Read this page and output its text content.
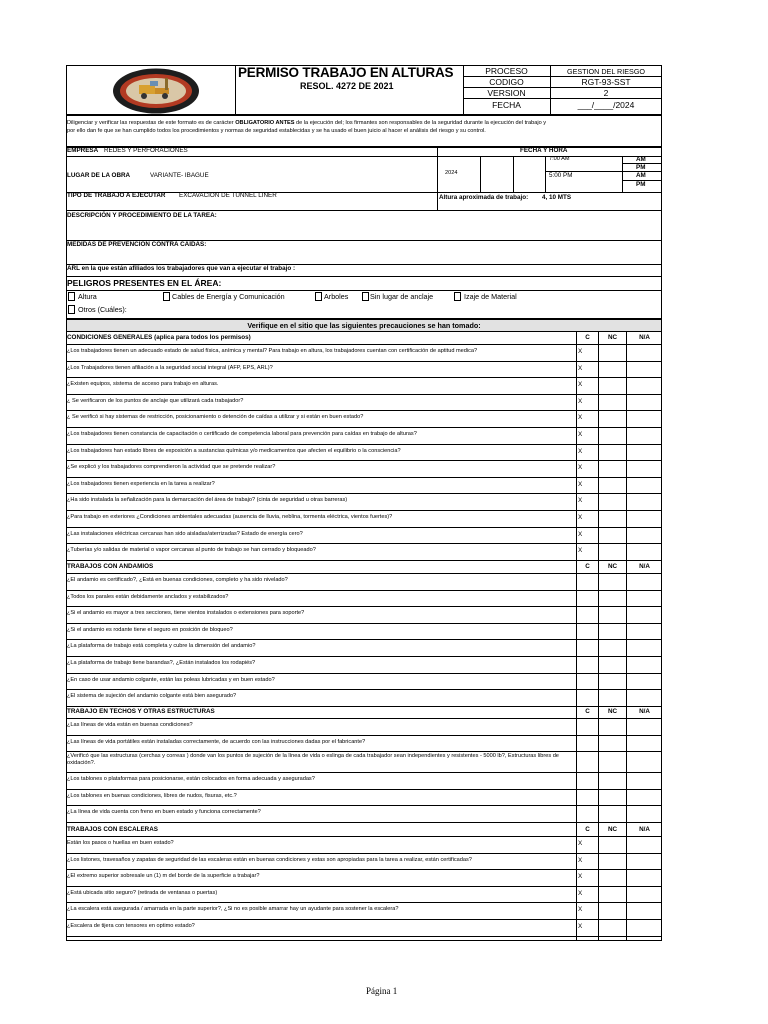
PERMISO TRABAJO EN ALTURAS
RESOL. 4272 DE 2021
PROCESO	GESTION DEL RIESGO
CODIGO	RGT-93-SST
VERSION	2
FECHA	___/____/2024
Diligenciar y verificar las respuestas de este formato es de carácter OBLIGATORIO ANTES de la ejecución del; los firmantes son responsables de la seguridad durante la ejecución del trabajo y
por ello dan fe que se han cumplido todos los procedimientos y normas de seguridad establecidas y se ha usado el buen juicio al hacer el análisis del riesgo y su control.
EMPRESA REDES Y PERFORACIONES	FECHA Y HORA
7:00 AM	AM
PM
5:00 PM	AM
PM
2024
LUGAR DE LA OBRA	VARIANTE- IBAGUE
TIPO DE TRABAJO A EJECUTAR EXCAVACION DE TUNNEL LINER	Altura aproximada de trabajo: 4, 10 MTS
DESCRIPCIÓN Y PROCEDIMIENTO DE LA TAREA:
MEDIDAS DE PREVENCION CONTRA CAIDAS:
ARL en la que están afiliados los trabajadores que van a ejecutar el trabajo :
PELIGROS PRESENTES EN EL ÁREA:
Altura	Cables de Energía y Comunicación	Arboles	Sin lugar de anclaje	Izaje de Material
Otros (Cuáles):
Verifique en el sitio que las siguientes precauciones se han tomado:
CONDICIONES GENERALES (aplica para todos los permisos)	C	NC	N/A
¿Los trabajadores tienen un adecuado estado de salud física, anímica y mental? Para trabajo en altura, los trabajadores cuentan con certificación de aptitud medica?	X
¿Los Trabajadores tienen afiliación a la seguridad social integral (AFP, EPS, ARL)?	X
¿Existen equipos, sistema de acceso para trabajo en alturas.	X
¿ Se verificaron de los puntos de anclaje que utilizará cada trabajador?	X
¿ Se verificó si hay sistemas de restricción, posicionamiento o detención de caídas a utilizar y si están en buen estado?	X
¿Los trabajadores tienen constancia de capacitación o certificado de competencia laboral para prevención para caídas en trabajo de alturas?	X
¿Los trabajadores han estado libres de exposición a sustancias químicas y/o medicamentos que afecten el equilibrio o la consciencia?	X
¿Se explicó y los trabajadores comprendieron la actividad que se pretende realizar?	X
¿Los trabajadores tienen experiencia en la tarea a realizar?	X
¿Ha sido instalada la señalización para la demarcación del área de trabajo? (cinta de seguridad u otras barreras)	X
¿Para trabajo en exteriores ¿Condiciones ambientales adecuadas (ausencia de lluvia, neblina, tormenta eléctrica, vientos fuertes)?	X
¿Las instalaciones eléctricas cercanas han sido aisladas/aterrizadas? Estado de energía cero?	X
¿Tuberías y/o salidas de material o vapor cercanas al punto de trabajo se han cerrado y bloqueado?	X
TRABAJOS CON ANDAMIOS	C	NC	N/A
¿El andamio es certificado?, ¿Está en buenas condiciones, completo y ha sido nivelado?
¿Todos los parales están debidamente anclados y estabilizados?
¿Si el andamio es mayor a tres secciones, tiene vientos instalados o extensiones para soporte?
¿Si el andamio es rodante tiene el seguro en posición de bloqueo?
¿La plataforma de trabajo está completa y cubre la dimensión del andamio?
¿La plataforma de trabajo tiene barandas?, ¿Están instalados los rodapiés?
¿En caso de usar andamio colgante, están las poleas lubricadas y en buen estado?
¿El sistema de sujeción del andamio colgante está bien asegurado?
TRABAJO EN TECHOS Y OTRAS ESTRUCTURAS	C	NC	N/A
¿Las líneas de vida están en buenas condiciones?
¿Las líneas de vida portátiles están instaladas correctamente, de acuerdo con las instrucciones dadas por el fabricante?
¿Verificó que las estructuras (cerchas y correas ) donde van los puntos de sujeción de la línea de vida o eslinga de cada trabajador sean independientes y resistentes - 5000 lb?, Estructuras libres de oxidación?.
¿Los tablones o plataformas para posicionarse, están colocados en forma adecuada y aseguradas?
¿Los tablones en buenas condiciones, libres de nudos, fisuras, etc.?
¿La línea de vida cuenta con freno en buen estado y funciona correctamente?
TRABAJOS CON ESCALERAS	C	NC	N/A
Están los pasos o huellas en buen estado?	X
¿Los listones, travesaños y zapatas de seguridad de las escaleras están en buenas condiciones y estas son apropiadas para la tarea a realizar, están certificadas?	X
¿El extremo superior sobresale un (1) m del borde de la superficie a trabajar?	X
¿Está ubicada sitio seguro? (retirada de ventanas o puertas)	X
¿La escalera está asegurada / amarrada en la parte superior?, ¿Si no es posible amarrar hay un ayudante para sostener la escalera?	X
¿Escalera de tijera con tensores en optimo estado?	X
Página 1
